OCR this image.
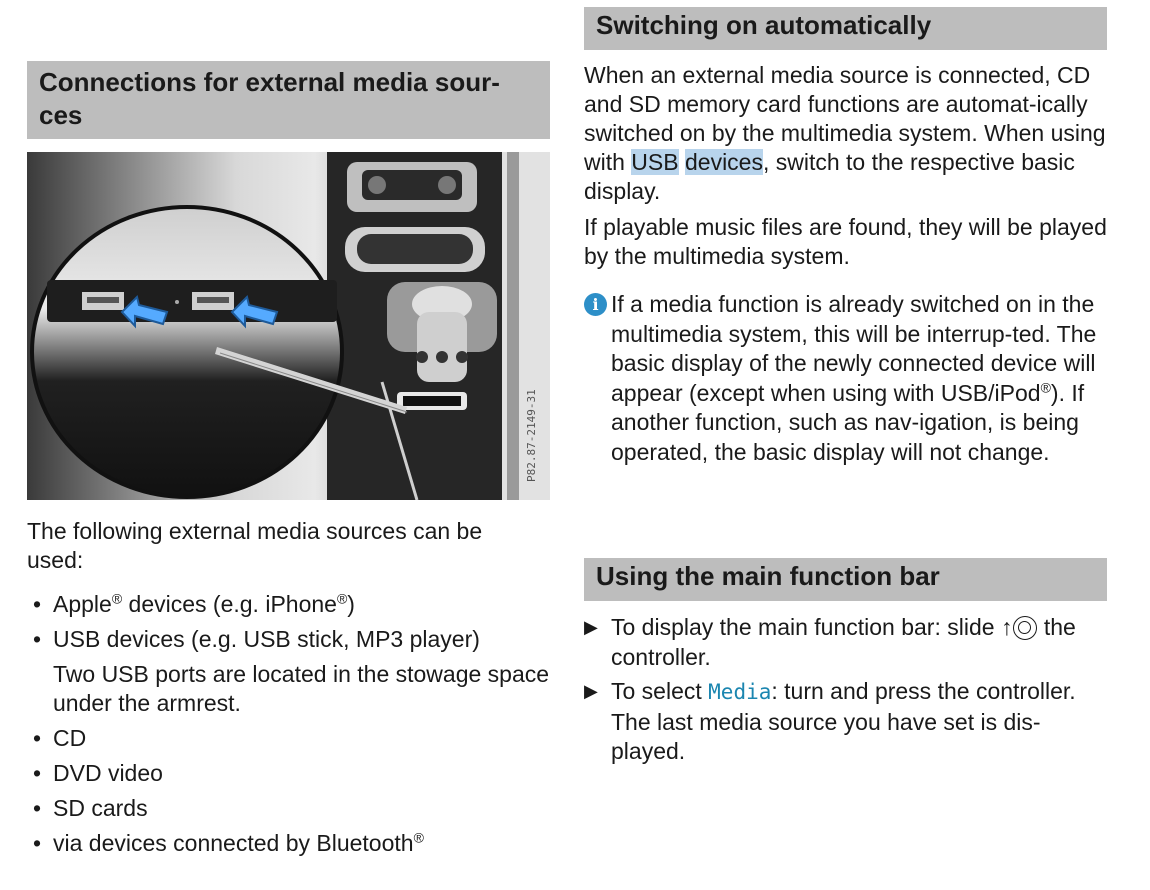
Connections for external media sour-
ces
P82.87-2149-31

The following external media sources can be used:

• Apple® devices (e.g. iPhone®)
• USB devices (e.g. USB stick, MP3 player)
Two USB ports are located in the stowage space under the armrest.
• CD
• DVD video
• SD cards
• via devices connected by Bluetooth®
Switching on automatically

When an external media source is connected, CD and SD memory card functions are automat-ically switched on by the multimedia system. When using with USB devices, switch to the respective basic display.

If playable music files are found, they will be played by the multimedia system.

i If a media function is already switched on in the multimedia system, this will be interrup-ted. The basic display of the newly connected device will appear (except when using with USB/iPod®). If another function, such as nav-igation, is being operated, the basic display will not change.
Using the main function bar
▶ To display the main function bar: slide ↑ the controller.
▶ To select Media: turn and press the controller. The last media source you have set is dis-played.
